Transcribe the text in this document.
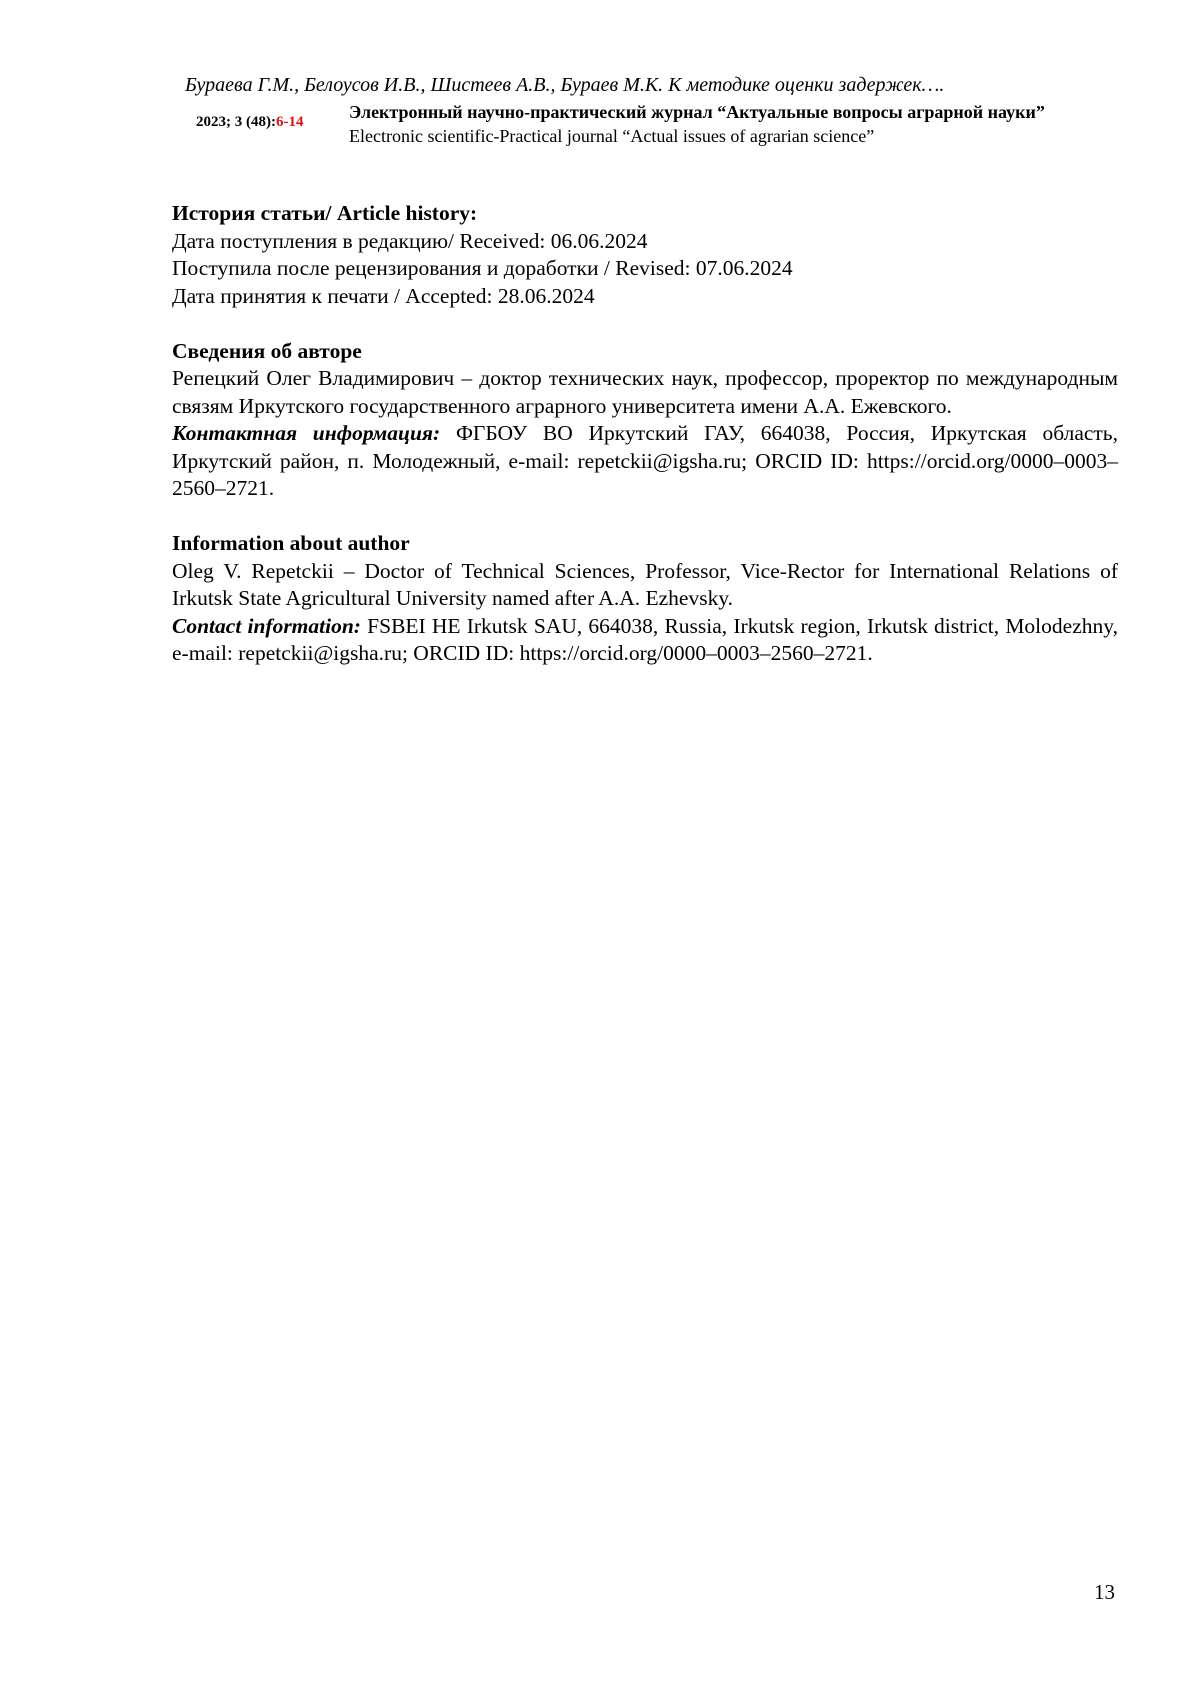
Бураева Г.М., Белоусов И.В., Шистеев А.В., Бураев М.К. К методике оценки задержек….
2023; 3 (48):6-14	Электронный научно-практический журнал “Актуальные вопросы аграрной науки”
Electronic scientific-Practical journal “Actual issues of agrarian science”

История статьи/ Article history:

Дата поступления в редакцию/ Received: 06.06.2024

Поступила после рецензирования и доработки / Revised: 07.06.2024

Дата принятия к печати / Accepted: 28.06.2024

Сведения об авторе

Репецкий Олег Владимирович – доктор технических наук, профессор, проректор по международным связям Иркутского государственного аграрного университета имени А.А. Ежевского.

Контактная информация: ФГБОУ ВО Иркутский ГАУ, 664038, Россия, Иркутская область, Иркутский район, п. Молодежный, e-mail: repetckii@igsha.ru; ORCID ID: https://orcid.org/0000–0003–2560–2721.

Information about author

Oleg V. Repetckii – Doctor of Technical Sciences, Professor, Vice-Rector for International Relations of Irkutsk State Agricultural University named after A.A. Ezhevsky.

Contact information: FSBEI HE Irkutsk SAU, 664038, Russia, Irkutsk region, Irkutsk district, Molodezhny, e-mail: repetckii@igsha.ru; ORCID ID: https://orcid.org/0000–0003–2560–2721.

13
